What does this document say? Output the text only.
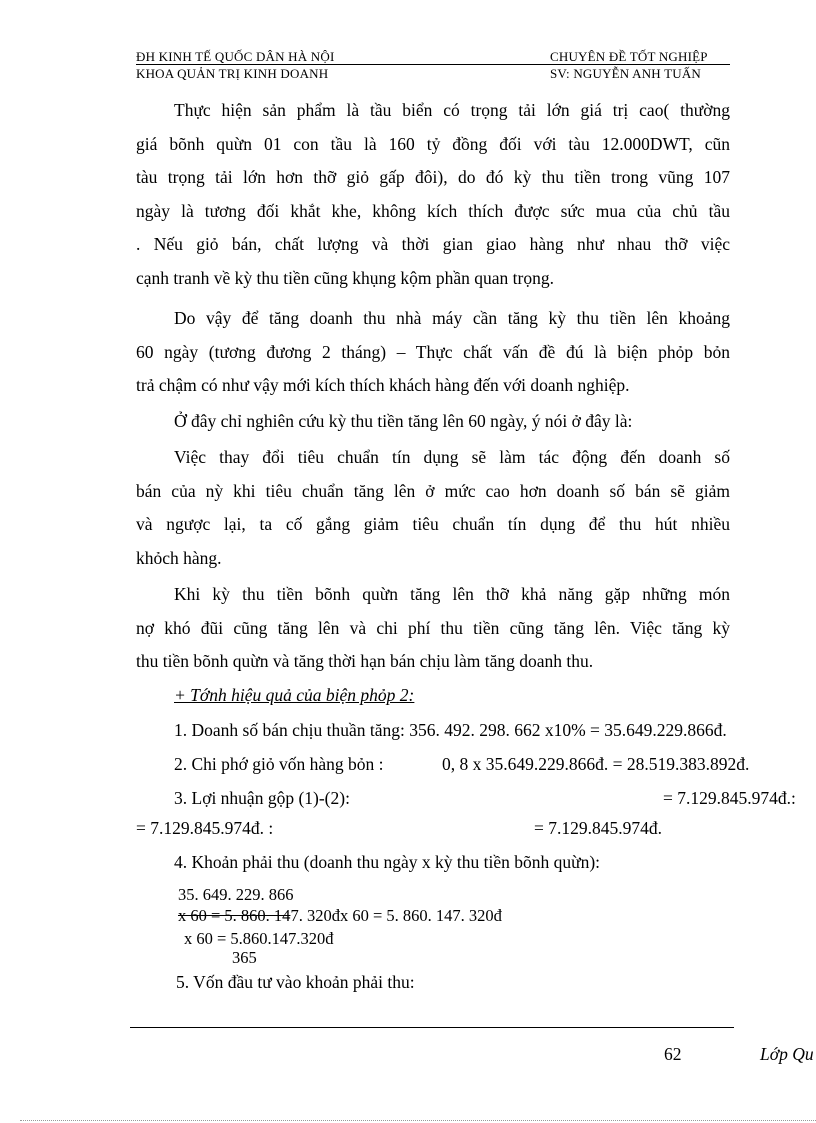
ĐH KINH TẾ QUỐC DÂN HÀ NỘI	CHUYÊN ĐỀ TỐT NGHIỆP
KHOA QUẢN TRỊ KINH DOANH	SV: NGUYỄN ANH TUẤN
Thực hiện sản phẩm là tầu biển có trọng tải lớn giá trị cao( thường
giá bõnh quừn 01 con tầu là 160 tỷ đồng đối với tàu 12.000DWT, cũn
tàu trọng tải lớn hơn thỡ giỏ gấp đôi), do đó kỳ thu tiền trong vũng 107
ngày là tương đối khắt khe, không kích thích được sức mua của chủ tầu
. Nếu giỏ bán, chất lượng và thời gian giao hàng như nhau thỡ việc
cạnh tranh về kỳ thu tiền cũng khụng kộm phần quan trọng.
Do vậy để tăng doanh thu nhà máy cần tăng kỳ thu tiền lên khoảng
60 ngày (tương đương 2 tháng) – Thực chất vấn đề đú là biện phỏp bỏn
trả chậm có như vậy mới kích thích khách hàng đến với doanh nghiệp.
Ở đây chỉ nghiên cứu kỳ thu tiền tăng lên 60 ngày, ý nói ở đây là:
Việc thay đổi tiêu chuẩn tín dụng sẽ làm tác động đến doanh số
bán của nỳ khi tiêu chuẩn tăng lên ở mức cao hơn doanh số bán sẽ giảm
và ngược lại, ta cố gắng giảm tiêu chuẩn tín dụng để thu hút nhiều
khỏch hàng.
Khi kỳ thu tiền bõnh quừn tăng lên thỡ khả năng gặp những món
nợ khó đũi cũng tăng lên và chi phí thu tiền cũng tăng lên. Việc tăng kỳ
thu tiền bõnh quừn và tăng thời hạn bán chịu làm tăng doanh thu.
+ Tớnh hiệu quả của biện phỏp 2:
1. Doanh số bán chịu thuần tăng: 356. 492. 298. 662 x10% = 35.649.229.866đ.
2. Chi phớ giỏ vốn hàng bỏn :	0, 8 x 35.649.229.866đ. = 28.519.383.892đ.
3. Lợi nhuận gộp (1)-(2):	= 7.129.845.974đ.:
= 7.129.845.974đ. :	= 7.129.845.974đ.
4. Khoản phải thu (doanh thu ngày x kỳ thu tiền bõnh quừn):
35. 649. 229. 866
x 60 = 5. 860. 147. 320đx 60 = 5. 860. 147. 320đ
x 60 = 5.860.147.320đ
365
5. Vốn đầu tư vào khoản phải thu:
62	Lớp Qu
